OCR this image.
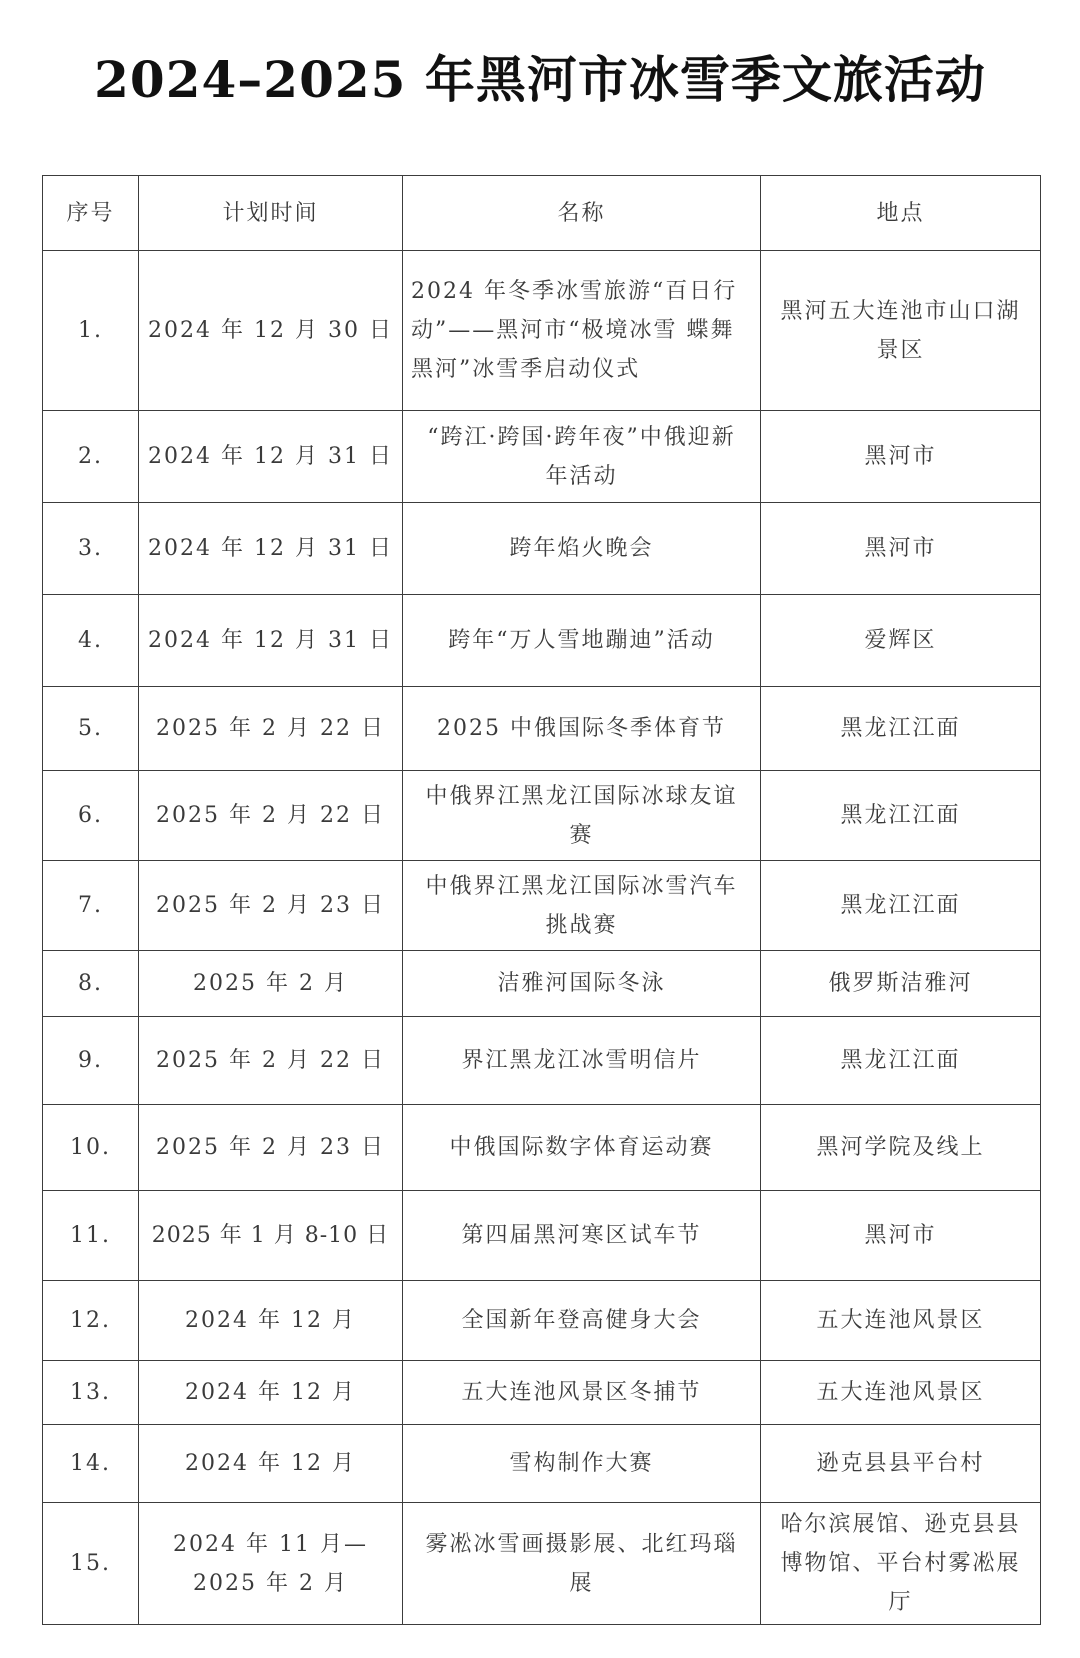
2024–2025 年黑河市冰雪季文旅活动
序号	计划时间	名称	地点
1.	2024 年 12 月 30 日	2024 年冬季冰雪旅游“百日行动”——黑河市“极境冰雪 蝶舞黑河”冰雪季启动仪式	黑河五大连池市山口湖景区
2.	2024 年 12 月 31 日	“跨江·跨国·跨年夜”中俄迎新年活动	黑河市
3.	2024 年 12 月 31 日	跨年焰火晚会	黑河市
4.	2024 年 12 月 31 日	跨年“万人雪地蹦迪”活动	爱辉区
5.	2025 年 2 月 22 日	2025 中俄国际冬季体育节	黑龙江江面
6.	2025 年 2 月 22 日	中俄界江黑龙江国际冰球友谊赛	黑龙江江面
7.	2025 年 2 月 23 日	中俄界江黑龙江国际冰雪汽车挑战赛	黑龙江江面
8.	2025 年 2 月	洁雅河国际冬泳	俄罗斯洁雅河
9.	2025 年 2 月 22 日	界江黑龙江冰雪明信片	黑龙江江面
10.	2025 年 2 月 23 日	中俄国际数字体育运动赛	黑河学院及线上
11.	2025 年 1 月 8-10 日	第四届黑河寒区试车节	黑河市
12.	2024 年 12 月	全国新年登高健身大会	五大连池风景区
13.	2024 年 12 月	五大连池风景区冬捕节	五大连池风景区
14.	2024 年 12 月	雪构制作大赛	逊克县县平台村
15.	2024 年 11 月—2025 年 2 月	雾凇冰雪画摄影展、北红玛瑙展	哈尔滨展馆、逊克县县博物馆、平台村雾凇展厅
